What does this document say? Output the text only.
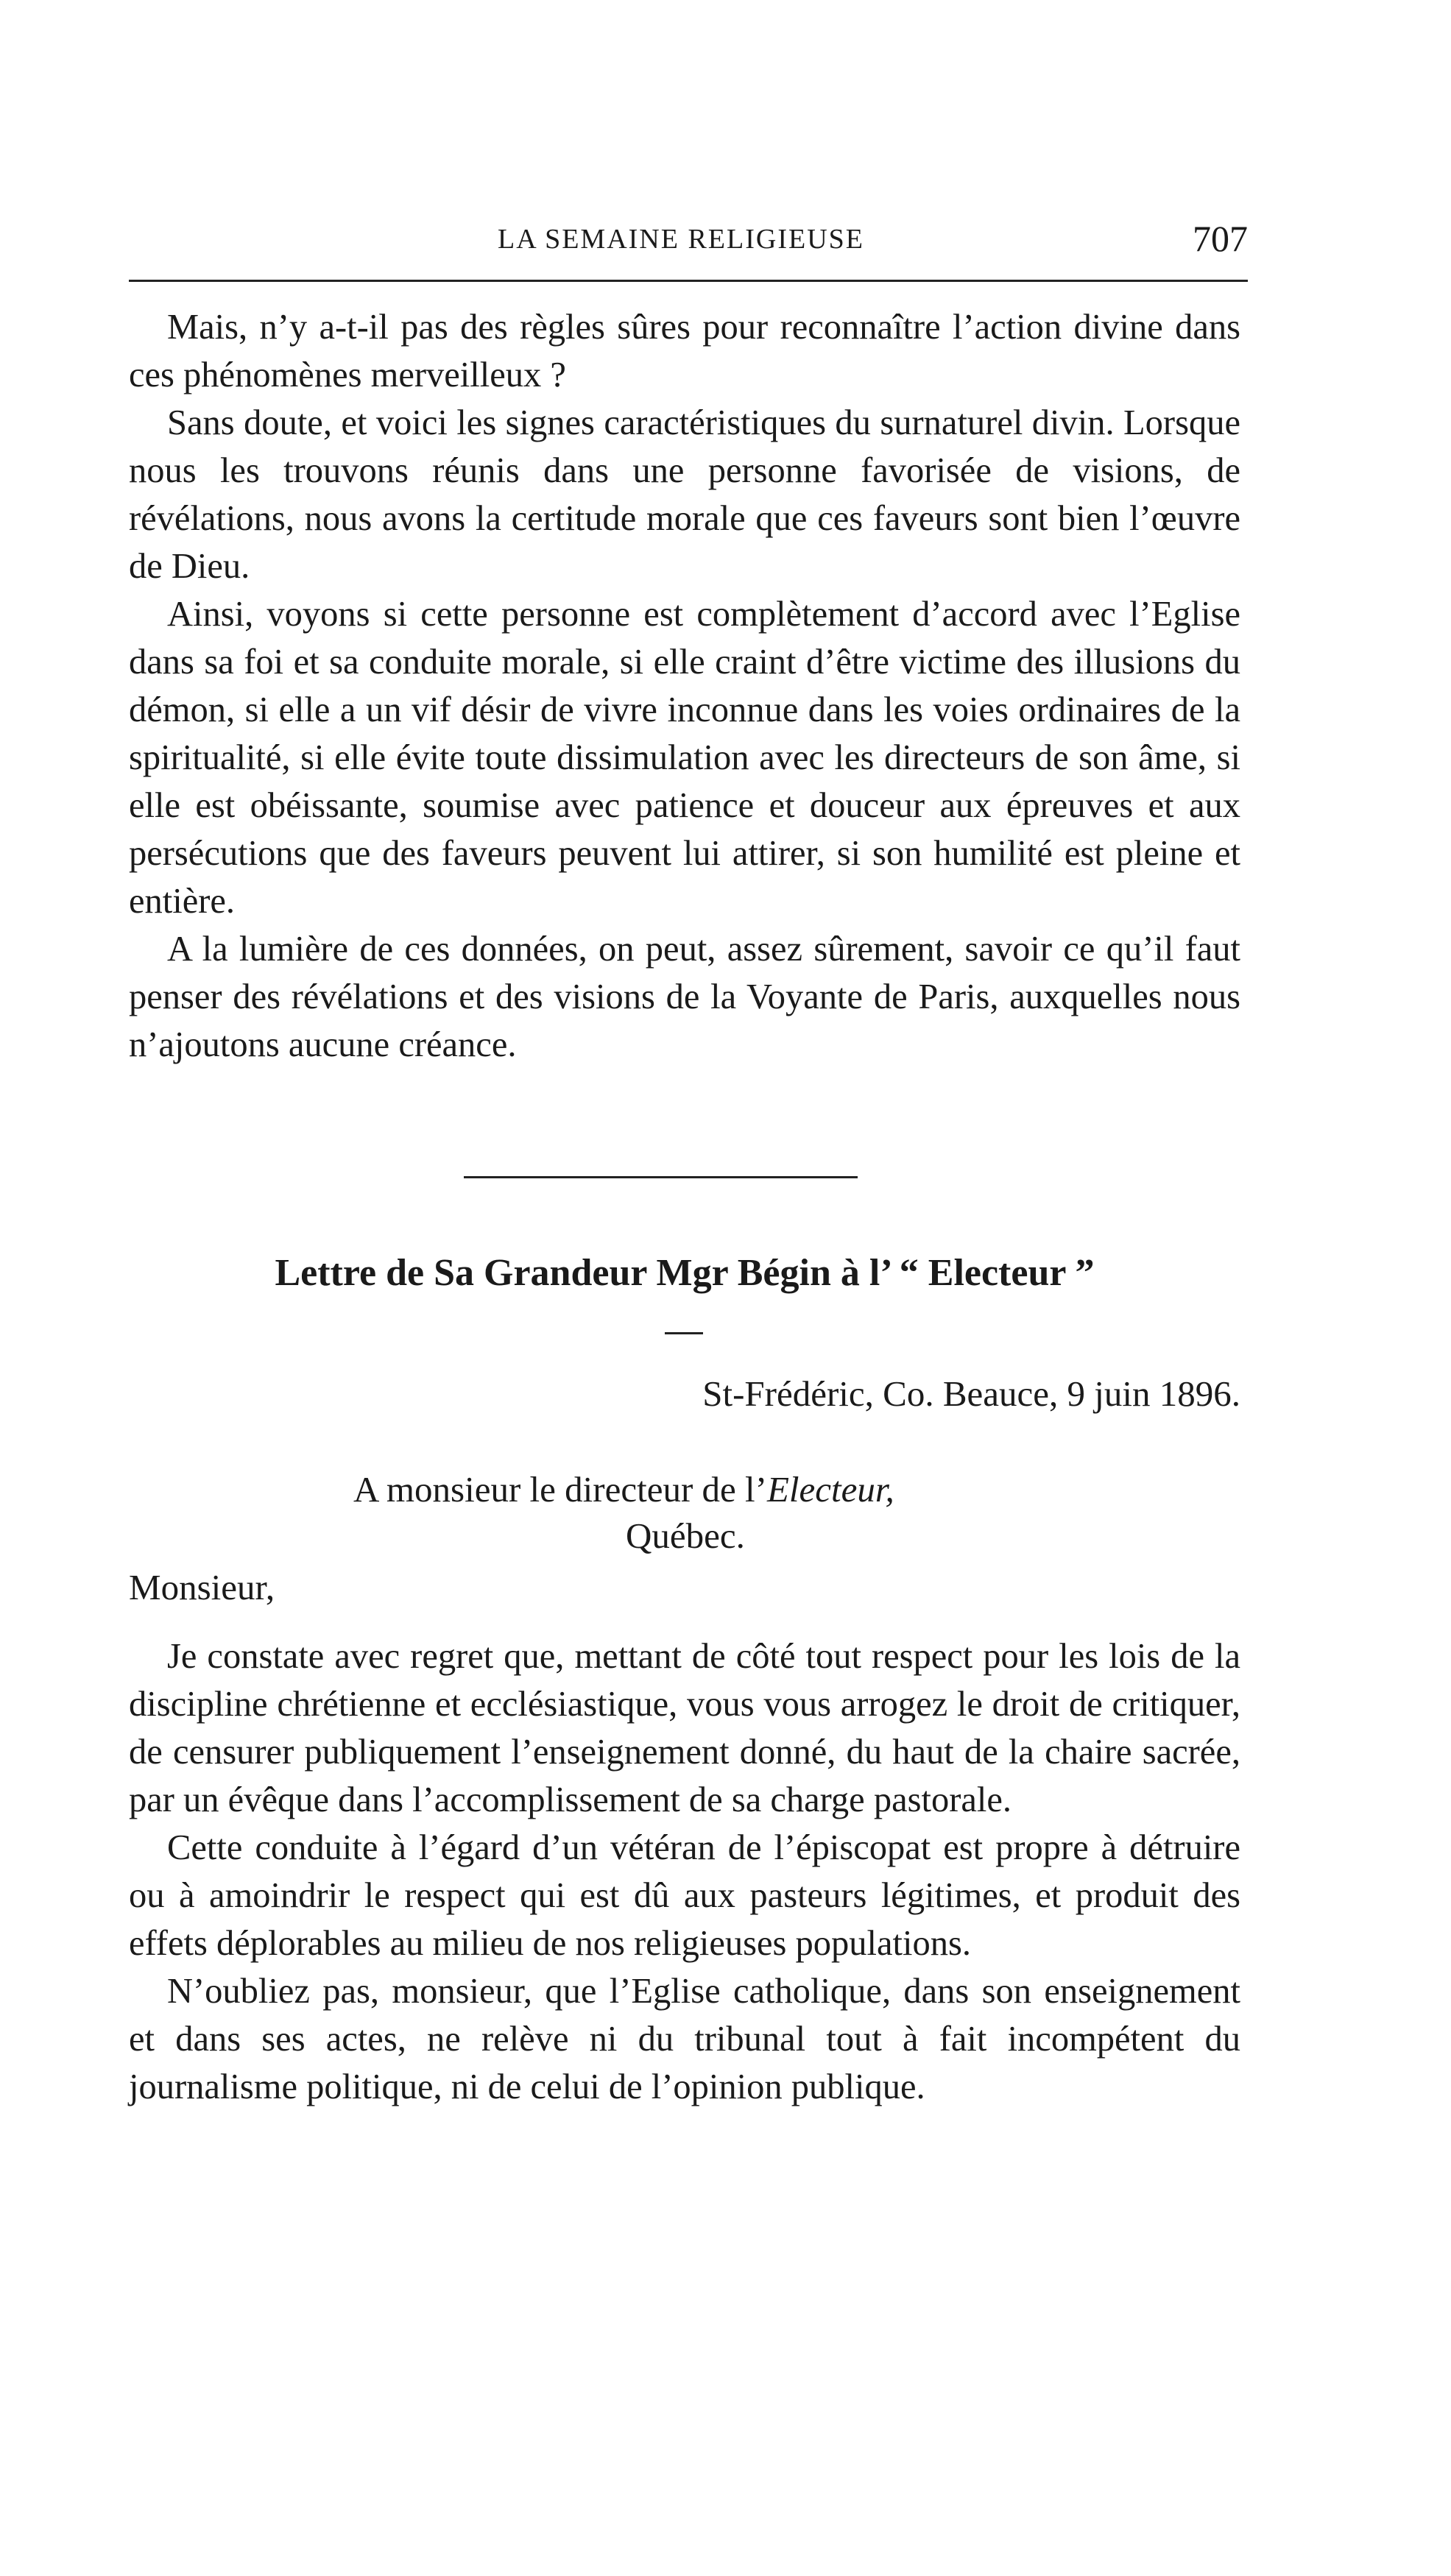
LA SEMAINE RELIGIEUSE	707

Mais, n’y a-t-il pas des règles sûres pour reconnaître l’action divine dans ces phénomènes merveilleux ?

Sans doute, et voici les signes caractéristiques du surnaturel divin. Lorsque nous les trouvons réunis dans une personne favorisée de visions, de révélations, nous avons la certitude morale que ces faveurs sont bien l’œuvre de Dieu.

Ainsi, voyons si cette personne est complètement d’accord avec l’Eglise dans sa foi et sa conduite morale, si elle craint d’être victime des illusions du démon, si elle a un vif désir de vivre inconnue dans les voies ordinaires de la spiritualité, si elle évite toute dissimulation avec les directeurs de son âme, si elle est obéissante, soumise avec patience et douceur aux épreuves et aux persécutions que des faveurs peuvent lui attirer, si son humilité est pleine et entière.

A la lumière de ces données, on peut, assez sûrement, savoir ce qu’il faut penser des révélations et des visions de la Voyante de Paris, auxquelles nous n’ajoutons aucune créance.

Lettre de Sa Grandeur Mgr Bégin à l’ “ Electeur ”

St-Frédéric, Co. Beauce, 9 juin 1896.

A monsieur le directeur de l’Electeur,

Québec.

Monsieur,

Je constate avec regret que, mettant de côté tout respect pour les lois de la discipline chrétienne et ecclésiastique, vous vous arrogez le droit de critiquer, de censurer publiquement l’enseignement donné, du haut de la chaire sacrée, par un évêque dans l’accomplissement de sa charge pastorale.

Cette conduite à l’égard d’un vétéran de l’épiscopat est propre à détruire ou à amoindrir le respect qui est dû aux pasteurs légitimes, et produit des effets déplorables au milieu de nos religieuses populations.

N’oubliez pas, monsieur, que l’Eglise catholique, dans son enseignement et dans ses actes, ne relève ni du tribunal tout à fait incompétent du journalisme politique, ni de celui de l’opinion publique.
